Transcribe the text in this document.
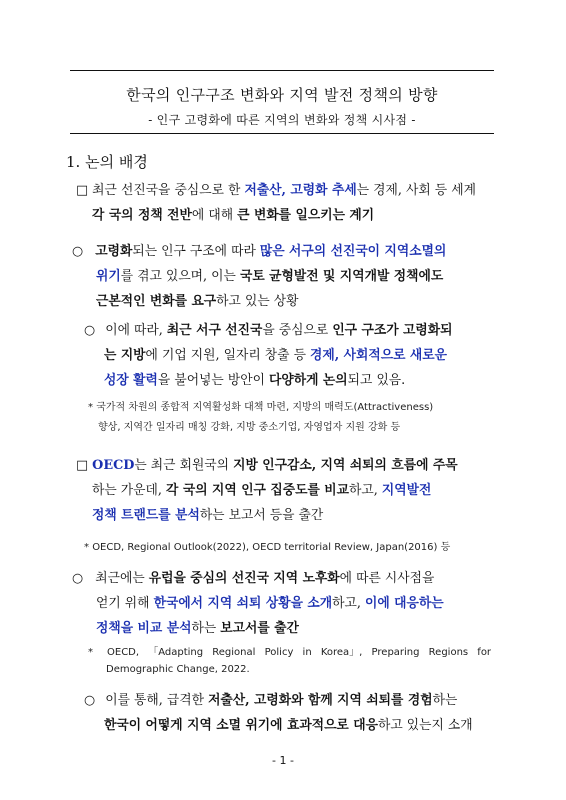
한국의 인구구조 변화와 지역 발전 정책의 방향
- 인구 고령화에 따른 지역의 변화와 정책 시사점 -
1. 논의 배경
□ 최근 선진국을 중심으로 한 저출산, 고령화 추세는 경제, 사회 등 세계
각 국의 정책 전반에 대해 큰 변화를 일으키는 계기
○ 고령화되는 인구 구조에 따라 많은 서구의 선진국이 지역소멸의
위기를 겪고 있으며, 이는 국토 균형발전 및 지역개발 정책에도
근본적인 변화를 요구하고 있는 상황
○ 이에 따라, 최근 서구 선진국을 중심으로 인구 구조가 고령화되
는 지방에 기업 지원, 일자리 창출 등 경제, 사회적으로 새로운
성장 활력을 불어넣는 방안이 다양하게 논의되고 있음.
* 국가적 차원의 종합적 지역활성화 대책 마련, 지방의 매력도(Attractiveness)
향상, 지역간 일자리 매칭 강화, 지방 중소기업, 자영업자 지원 강화 등
□ OECD는 최근 회원국의 지방 인구감소, 지역 쇠퇴의 흐름에 주목
하는 가운데, 각 국의 지역 인구 집중도를 비교하고, 지역발전
정책 트랜드를 분석하는 보고서 등을 출간
* OECD, Regional Outlook(2022), OECD territorial Review, Japan(2016) 등
○ 최근에는 유럽을 중심의 선진국 지역 노후화에 따른 시사점을
얻기 위해 한국에서 지역 쇠퇴 상황을 소개하고, 이에 대응하는
정책을 비교 분석하는 보고서를 출간
* OECD, 「Adapting Regional Policy in Korea」, Preparing Regions for
Demographic Change, 2022.
○ 이를 통해, 급격한 저출산, 고령화와 함께 지역 쇠퇴를 경험하는
한국이 어떻게 지역 소멸 위기에 효과적으로 대응하고 있는지 소개
- 1 -
